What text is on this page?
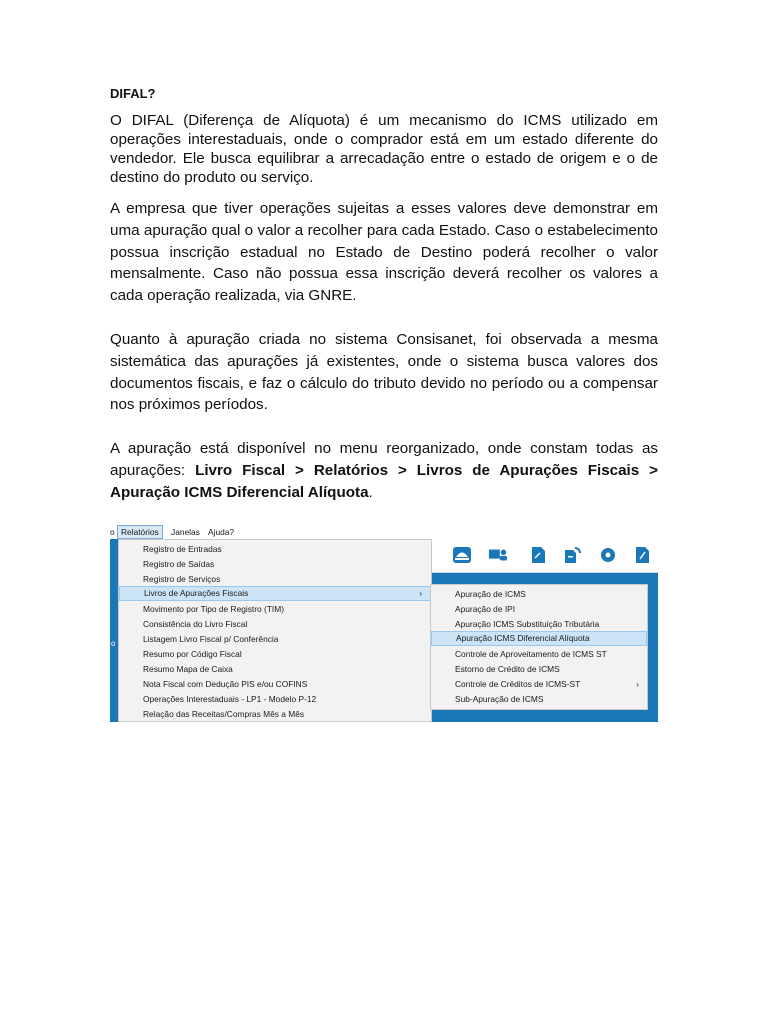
DIFAL?

O DIFAL (Diferença de Alíquota) é um mecanismo do ICMS utilizado em operações interestaduais, onde o comprador está em um estado diferente do vendedor. Ele busca equilibrar a arrecadação entre o estado de origem e o de destino do produto ou serviço.

A empresa que tiver operações sujeitas a esses valores deve demonstrar em uma apuração qual o valor a recolher para cada Estado. Caso o estabelecimento possua inscrição estadual no Estado de Destino poderá recolher o valor mensalmente. Caso não possua essa inscrição deverá recolher os valores a cada operação realizada, via GNRE.

Quanto à apuração criada no sistema Consisanet, foi observada a mesma sistemática das apurações já existentes, onde o sistema busca valores dos documentos fiscais, e faz o cálculo do tributo devido no período ou a compensar nos próximos períodos.

A apuração está disponível no menu reorganizado, onde constam todas as apurações: Livro Fiscal > Relatórios > Livros de Apurações Fiscais > Apuração ICMS Diferencial Alíquota.

o Relatórios	Janelas Ajuda?
o
Registro de Entradas
Registro de Saídas
Registro de Serviços
Livros de Apurações Fiscais	›
Movimento por Tipo de Registro (TIM)
Consistência do Livro Fiscal
Listagem Livro Fiscal p/ Conferência
Resumo por Código Fiscal
Resumo Mapa de Caixa
Nota Fiscal com Dedução PIS e/ou COFINS
Operações Interestaduais - LP1 - Modelo P-12
Relação das Receitas/Compras Mês a Mês
Apuração de ICMS
Apuração de IPI
Apuração ICMS Substituição Tributária
Apuração ICMS Diferencial Alíquota
Controle de Aproveitamento de ICMS ST
Estorno de Crédito de ICMS
Controle de Créditos de ICMS-ST	›
Sub-Apuração de ICMS
